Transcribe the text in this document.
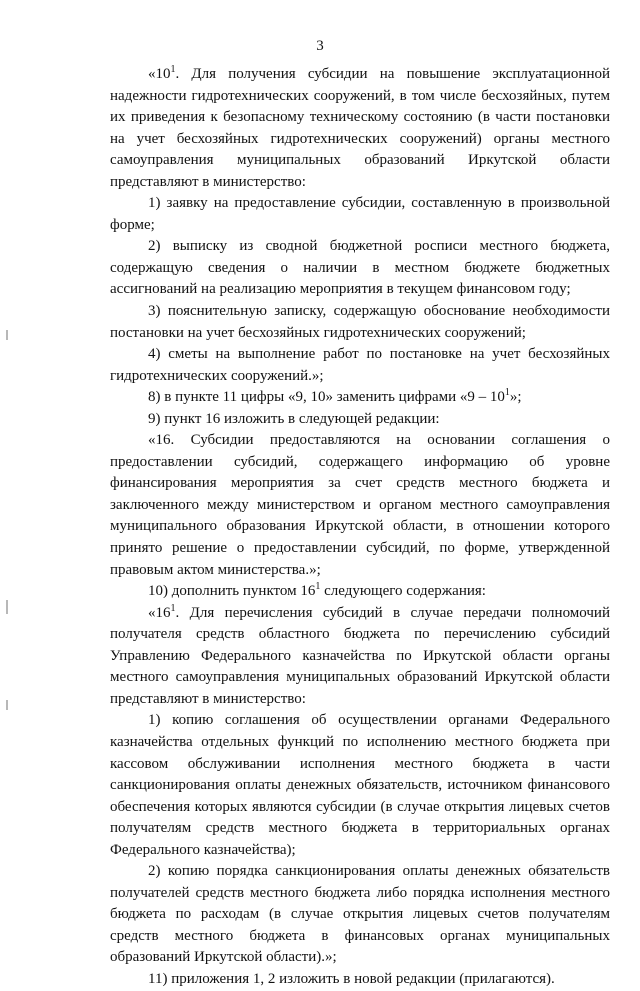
3
«$10^1$. Для получения субсидии на повышение эксплуатационной
надежности гидротехнических сооружений, в том числе бесхозяйных, путем
их приведения к безопасному техническому состоянию (в части постановки
на учет бесхозяйных гидротехнических сооружений) органы местного
самоуправления муниципальных образований Иркутской области
представляют в министерство:
1) заявку на предоставление субсидии, составленную в произвольной
форме;
2) выписку из сводной бюджетной росписи местного бюджета,
содержащую сведения о наличии в местном бюджете бюджетных
ассигнований на реализацию мероприятия в текущем финансовом году;
3) пояснительную записку, содержащую обоснование необходимости
постановки на учет бесхозяйных гидротехнических сооружений;
4) сметы на выполнение работ по постановке на учет бесхозяйных
гидротехнических сооружений.»;
8) в пункте 11 цифры «9, 10» заменить цифрами «$9 - 10^1$»;
9) пункт 16 изложить в следующей редакции:
«16. Субсидии предоставляются на основании соглашения о
предоставлении субсидий, содержащего информацию об уровне
финансирования мероприятия за счет средств местного бюджета и
заключенного между министерством и органом местного самоуправления
муниципального образования Иркутской области, в отношении которого
принято решение о предоставлении субсидий, по форме, утвержденной
правовым актом министерства.»;
10) дополнить пунктом $16^1$ следующего содержания:
«$16^1$. Для перечисления субсидий в случае передачи полномочий
получателя средств областного бюджета по перечислению субсидий
Управлению Федерального казначейства по Иркутской области органы
местного самоуправления муниципальных образований Иркутской области
представляют в министерство:
1) копию соглашения об осуществлении органами Федерального
казначейства отдельных функций по исполнению местного бюджета при
кассовом обслуживании исполнения местного бюджета в части
санкционирования оплаты денежных обязательств, источником финансового
обеспечения которых являются субсидии (в случае открытия лицевых счетов
получателям средств местного бюджета в территориальных органах
Федерального казначейства);
2) копию порядка санкционирования оплаты денежных обязательств
получателей средств местного бюджета либо порядка исполнения местного
бюджета по расходам (в случае открытия лицевых счетов получателям
средств местного бюджета в финансовых органах муниципальных
образований Иркутской области).»;
11) приложения 1, 2 изложить в новой редакции (прилагаются).
